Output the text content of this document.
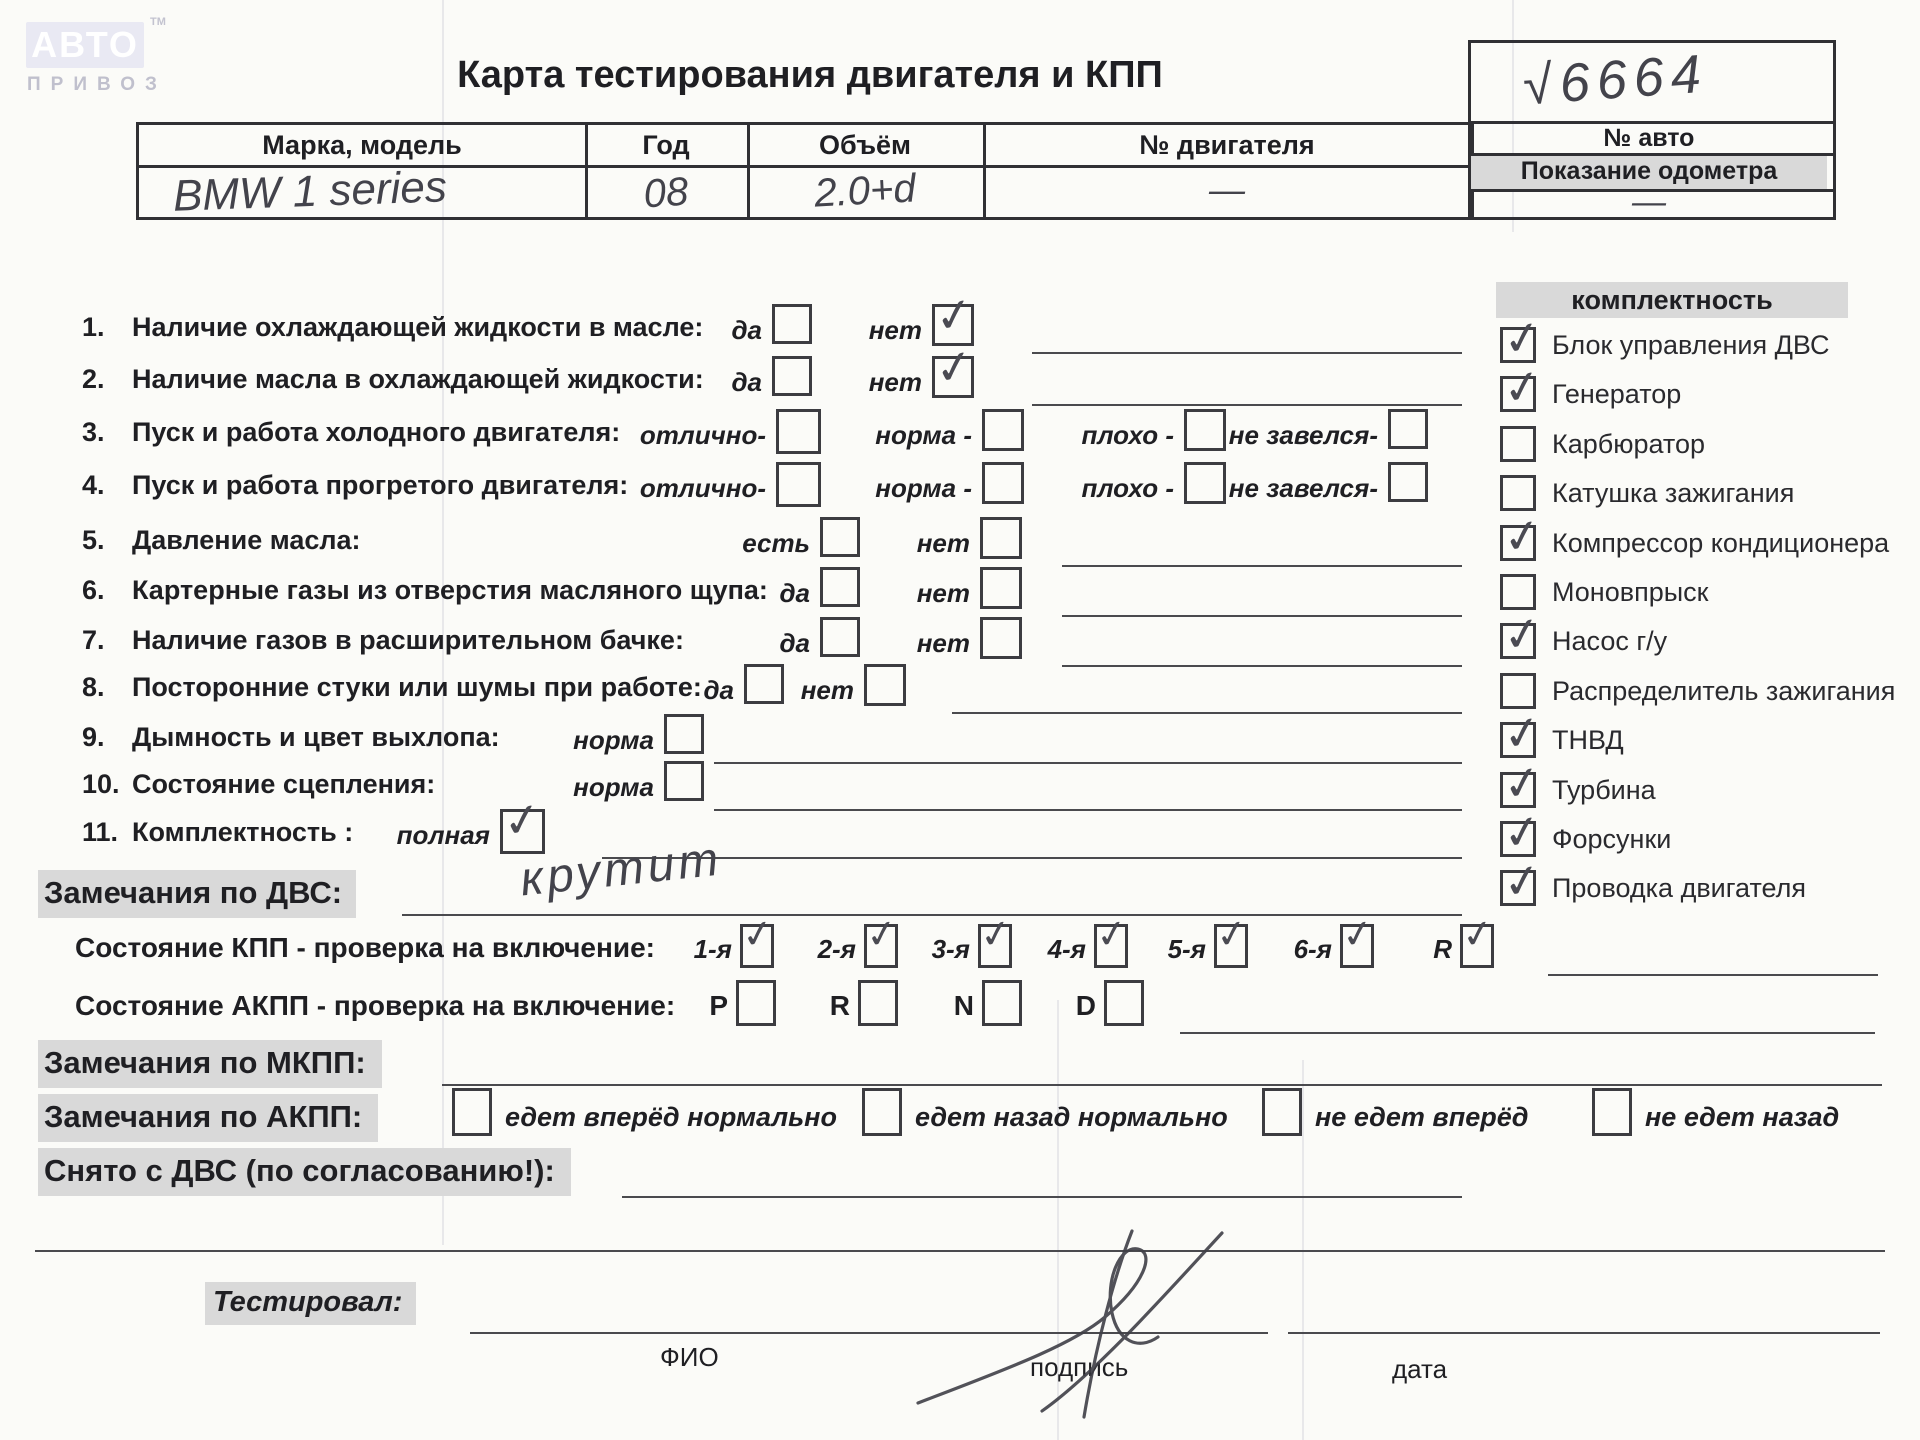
АВТО
TM
ПРИВОЗ	Карта тестирования двигателя и КПП
Марка, модель	Год	Объём	№ двигателя
BMW 1 series	08	2.0+d	—
√6664
№ авто
Показание одометра
—
комплектность
✓ Блок управления ДВС
✓ Генератор
Карбюратор
Катушка зажигания
✓ Компрессор кондиционера
Моновпрыск
✓ Насос г/у
Распределитель зажигания
✓ ТНВД
✓ Турбина
✓ Форсунки
✓ Проводка двигателя
1. Наличие охлаждающей жидкости в масле: да	нет ✓
2. Наличие масла в охлаждающей жидкости: да	нет ✓
3. Пуск и работа холодного двигателя: отлично-	норма -	плохо - не завелся-
4. Пуск и работа прогретого двигателя: отлично-	норма -	плохо - не завелся-
5. Давление масла:	есть	нет
6. Картерные газы из отверстия масляного щупа: да	нет
7. Наличие газов в расширительном бачке:	да	нет
8. Посторонние стуки или шумы при работе: да	нет
9. Дымность и цвет выхлопа:	норма
10. Состояние сцепления:	норма
11. Комплектность : полная ✓
Замечания по ДВС:	крутит
Состояние КПП - проверка на включение: 1-я ✓ 2-я ✓ 3-я ✓ 4-я ✓ 5-я ✓ 6-я ✓ R ✓
Состояние АКПП - проверка на включение: P	R	N	D
Замечания по МКПП:
Замечания по АКПП:	едет вперёд нормально	едет назад нормально	не едет вперёд	не едет назад
Снято с ДВС (по согласованию!):
Тестировал:
ФИО	подпись	дата
